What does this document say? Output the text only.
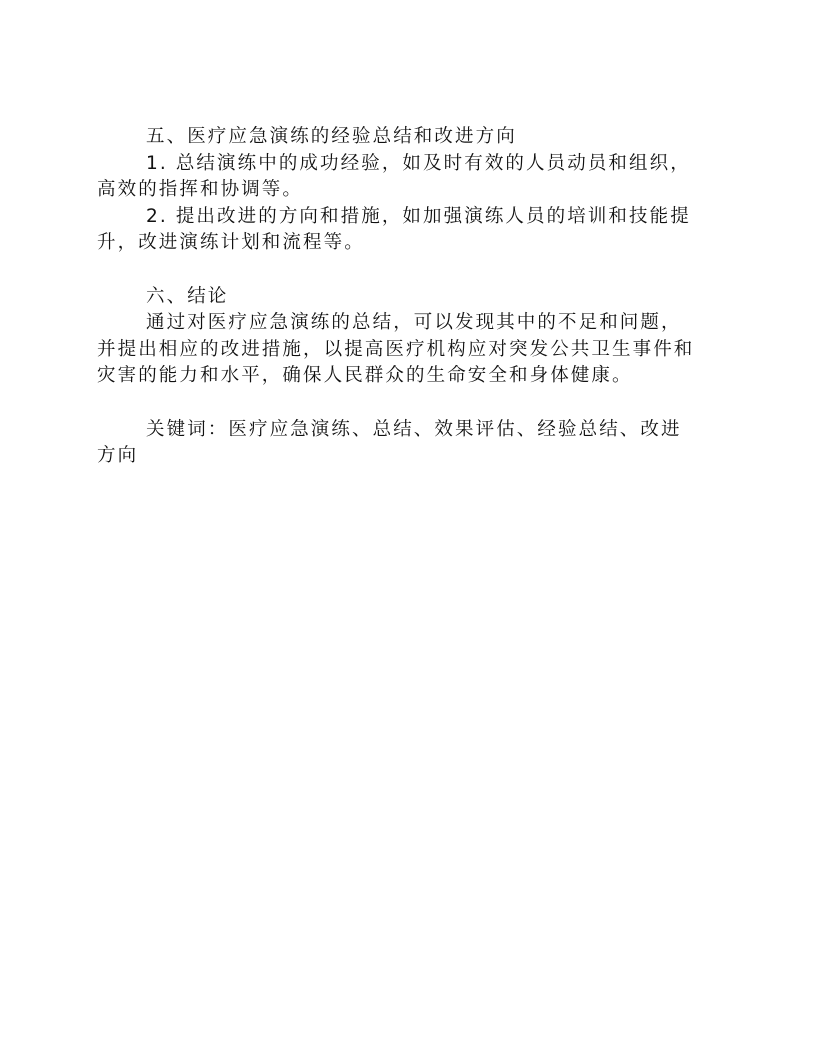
五、医疗应急演练的经验总结和改进方向

1. 总结演练中的成功经验，如及时有效的人员动员和组织，高效的指挥和协调等。

2. 提出改进的方向和措施，如加强演练人员的培训和技能提升，改进演练计划和流程等。

六、结论

通过对医疗应急演练的总结，可以发现其中的不足和问题，并提出相应的改进措施，以提高医疗机构应对突发公共卫生事件和灾害的能力和水平，确保人民群众的生命安全和身体健康。

关键词：医疗应急演练、总结、效果评估、经验总结、改进方向
